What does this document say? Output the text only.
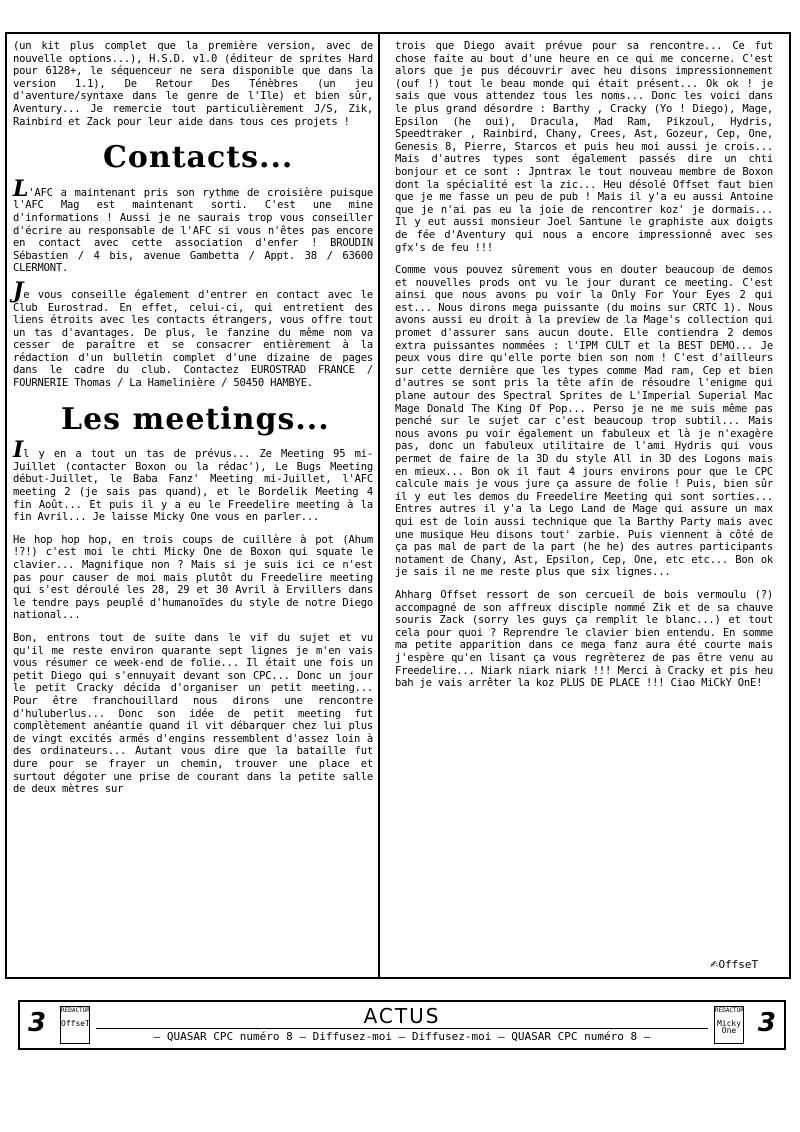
(un kit plus complet que la première version, avec de nouvelle options...), H.S.D. v1.0 (éditeur de sprites Hard pour 6128+, le séquenceur ne sera disponible que dans la version 1.1), De Retour Des Ténèbres (un jeu d'aventure/syntaxe dans le genre de l'Ile) et bien sûr, Aventury... Je remercie tout particulièrement J/S, Zik, Rainbird et Zack pour leur aide dans tous ces projets !

Contacts...

L'AFC a maintenant pris son rythme de croisière puisque l'AFC Mag est maintenant sorti. C'est une mine d'informations ! Aussi je ne saurais trop vous conseiller d'écrire au responsable de l'AFC si vous n'êtes pas encore en contact avec cette association d'enfer ! BROUDIN Sébastien / 4 bis, avenue Gambetta / Appt. 38 / 63600 CLERMONT.

Je vous conseille également d'entrer en contact avec le Club Eurostrad. En effet, celui-ci, qui entretient des liens étroits avec les contacts étrangers, vous offre tout un tas d'avantages. De plus, le fanzine du même nom va cesser de paraître et se consacrer entièrement à la rédaction d'un bulletin complet d'une dizaine de pages dans le cadre du club. Contactez EUROSTRAD FRANCE / FOURNERIE Thomas / La Hamelinière / 50450 HAMBYE.

Les meetings...

Il y en a tout un tas de prévus... Ze Meeting 95 mi-Juillet (contacter Boxon ou la rédac'), Le Bugs Meeting début-Juillet, le Baba Fanz' Meeting mi-Juillet, l'AFC meeting 2 (je sais pas quand), et le Bordelik Meeting 4 fin Août... Et puis il y a eu le Freedelire meeting à la fin Avril... Je laisse Micky One vous en parler...

He hop hop hop, en trois coups de cuillère à pot (Ahum !?!) c'est moi le chti Micky One de Boxon qui squate le clavier... Magnifique non ? Mais si je suis ici ce n'est pas pour causer de moi mais plutôt du Freedelire meeting qui s'est déroulé les 28, 29 et 30 Avril à Ervillers dans le tendre pays peuplé d'humanoïdes du style de notre Diego national...

Bon, entrons tout de suite dans le vif du sujet et vu qu'il me reste environ quarante sept lignes je m'en vais vous résumer ce week-end de folie... Il était une fois un petit Diego qui s'ennuyait devant son CPC... Donc un jour le petit Cracky décida d'organiser un petit meeting... Pour être franchouillard nous dirons une rencontre d'huluberlus... Donc son idée de petit meeting fut complètement anéantie quand il vit débarquer chez lui plus de vingt excités armés d'engins ressemblent d'assez loin à des ordinateurs... Autant vous dire que la bataille fut dure pour se frayer un chemin, trouver une place et surtout dégoter une prise de courant dans la petite salle de deux mètres sur

trois que Diego avait prévue pour sa rencontre... Ce fut chose faite au bout d'une heure en ce qui me concerne. C'est alors que je pus découvrir avec heu disons impressionnement (ouf !) tout le beau monde qui était présent... Ok ok ! je sais que vous attendez tous les noms... Donc les voici dans le plus grand désordre : Barthy , Cracky (Yo ! Diego), Mage, Epsilon (he oui), Dracula, Mad Ram, Pikzoul, Hydris, Speedtraker , Rainbird, Chany, Crees, Ast, Gozeur, Cep, One, Genesis 8, Pierre, Starcos et puis heu moi aussi je crois... Mais d'autres types sont également passés dire un chti bonjour et ce sont : Jpntrax le tout nouveau membre de Boxon dont la spécialité est la zic... Heu désolé Offset faut bien que je me fasse un peu de pub ! Mais il y'a eu aussi Antoine que je n'ai pas eu la joie de rencontrer koz' je dormais... Il y eut aussi monsieur Joel Santune le graphiste aux doigts de fée d'Aventury qui nous a encore impressionné avec ses gfx's de feu !!!

Comme vous pouvez sûrement vous en douter beaucoup de demos et nouvelles prods ont vu le jour durant ce meeting. C'est ainsi que nous avons pu voir la Only For Your Eyes 2 qui est... Nous dirons mega puissante (du moins sur CRTC 1). Nous avons aussi eu droit à la preview de la Mage's collection qui promet d'assurer sans aucun doute. Elle contiendra 2 demos extra puissantes nommées : l'IPM CULT et la BEST DEMO... Je peux vous dire qu'elle porte bien son nom ! C'est d'ailleurs sur cette dernière que les types comme Mad ram, Cep et bien d'autres se sont pris la tête afin de résoudre l'enigme qui plane autour des Spectral Sprites de L'Imperial Superial Mac Mage Donald The King Of Pop... Perso je ne me suis même pas penché sur le sujet car c'est beaucoup trop subtil... Mais nous avons pu voir également un fabuleux et là je n'exagère pas, donc un fabuleux utilitaire de l'ami Hydris qui vous permet de faire de la 3D du style All in 3D des Logons mais en mieux... Bon ok il faut 4 jours environs pour que le CPC calcule mais je vous jure ça assure de folie ! Puis, bien sûr il y eut les demos du Freedelire Meeting qui sont sorties... Entres autres il y'a la Lego Land de Mage qui assure un max qui est de loin aussi technique que la Barthy Party mais avec une musique Heu disons tout' zarbie. Puis viennent à côté de ça pas mal de part de la part (he he) des autres participants notament de Chany, Ast, Epsilon, Cep, One, etc etc... Bon ok je sais il ne me reste plus que six lignes...

Ahharg Offset ressort de son cercueil de bois vermoulu (?) accompagné de son affreux disciple nommé Zik et de sa chauve souris Zack (sorry les guys ça remplit le blanc...) et tout cela pour quoi ? Reprendre le clavier bien entendu. En somme ma petite apparition dans ce mega fanz aura été courte mais j'espère qu'en lisant ça vous regrèterez de pas être venu au Freedelire... Niark niark niark !!! Merci à Cracky et pis heu bah je vais arrêter la koz PLUS DE PLACE !!! Ciao MiCkY OnE!

✍OffseT
3 REDACTOR
OffseT	ACTUS
— QUASAR CPC numéro 8 — Diffusez-moi — Diffusez-moi — QUASAR CPC numéro 8 —
REDACTOR
Micky One 3
